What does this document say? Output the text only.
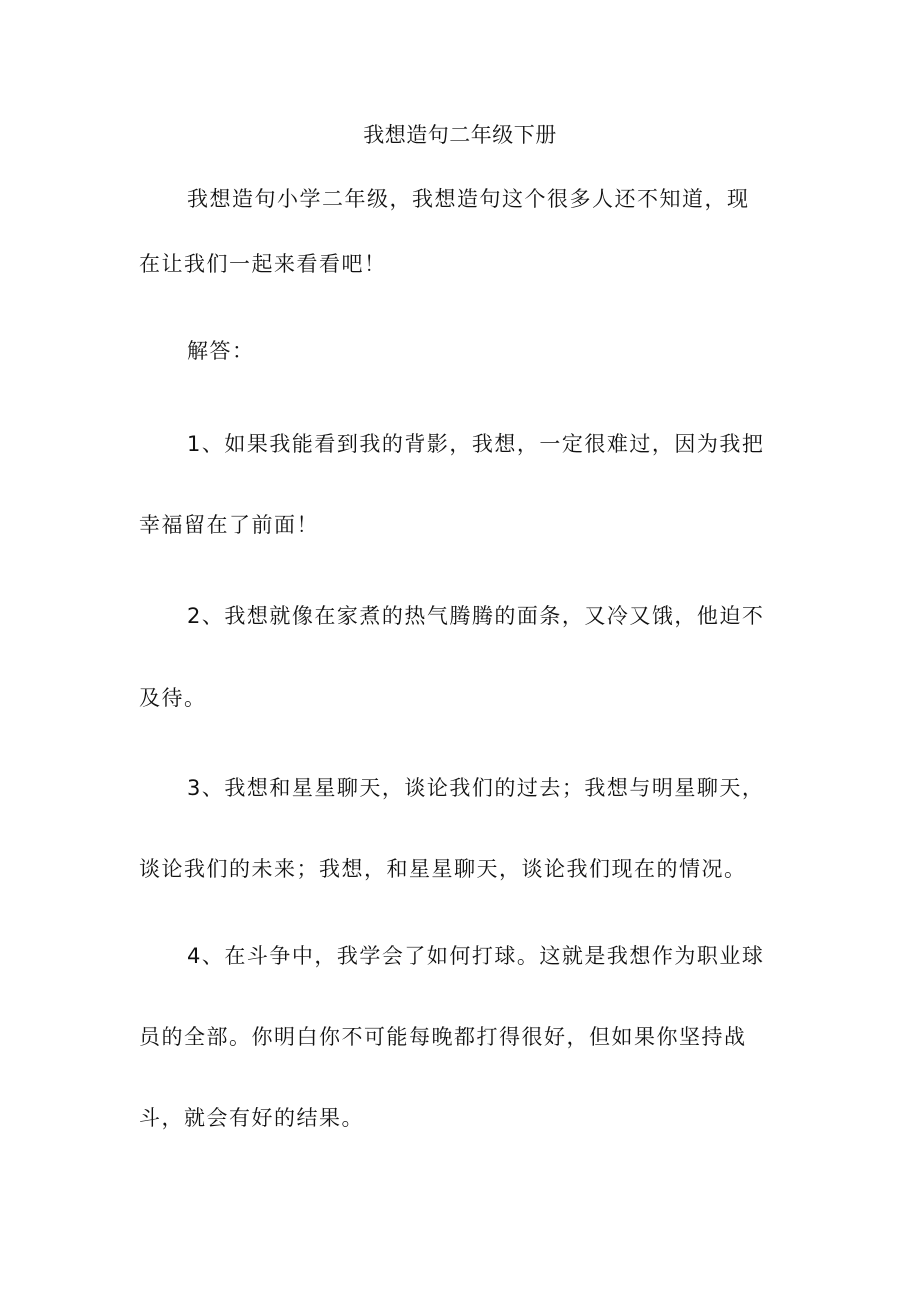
我想造句二年级下册
我想造句小学二年级，我想造句这个很多人还不知道，现
在让我们一起来看看吧！
解答：
1、如果我能看到我的背影，我想，一定很难过，因为我把
幸福留在了前面！
2、我想就像在家煮的热气腾腾的面条，又冷又饿，他迫不
及待。
3、我想和星星聊天，谈论我们的过去；我想与明星聊天，
谈论我们的未来；我想，和星星聊天，谈论我们现在的情况。
4、在斗争中，我学会了如何打球。这就是我想作为职业球
员的全部。你明白你不可能每晚都打得很好，但如果你坚持战
斗，就会有好的结果。
